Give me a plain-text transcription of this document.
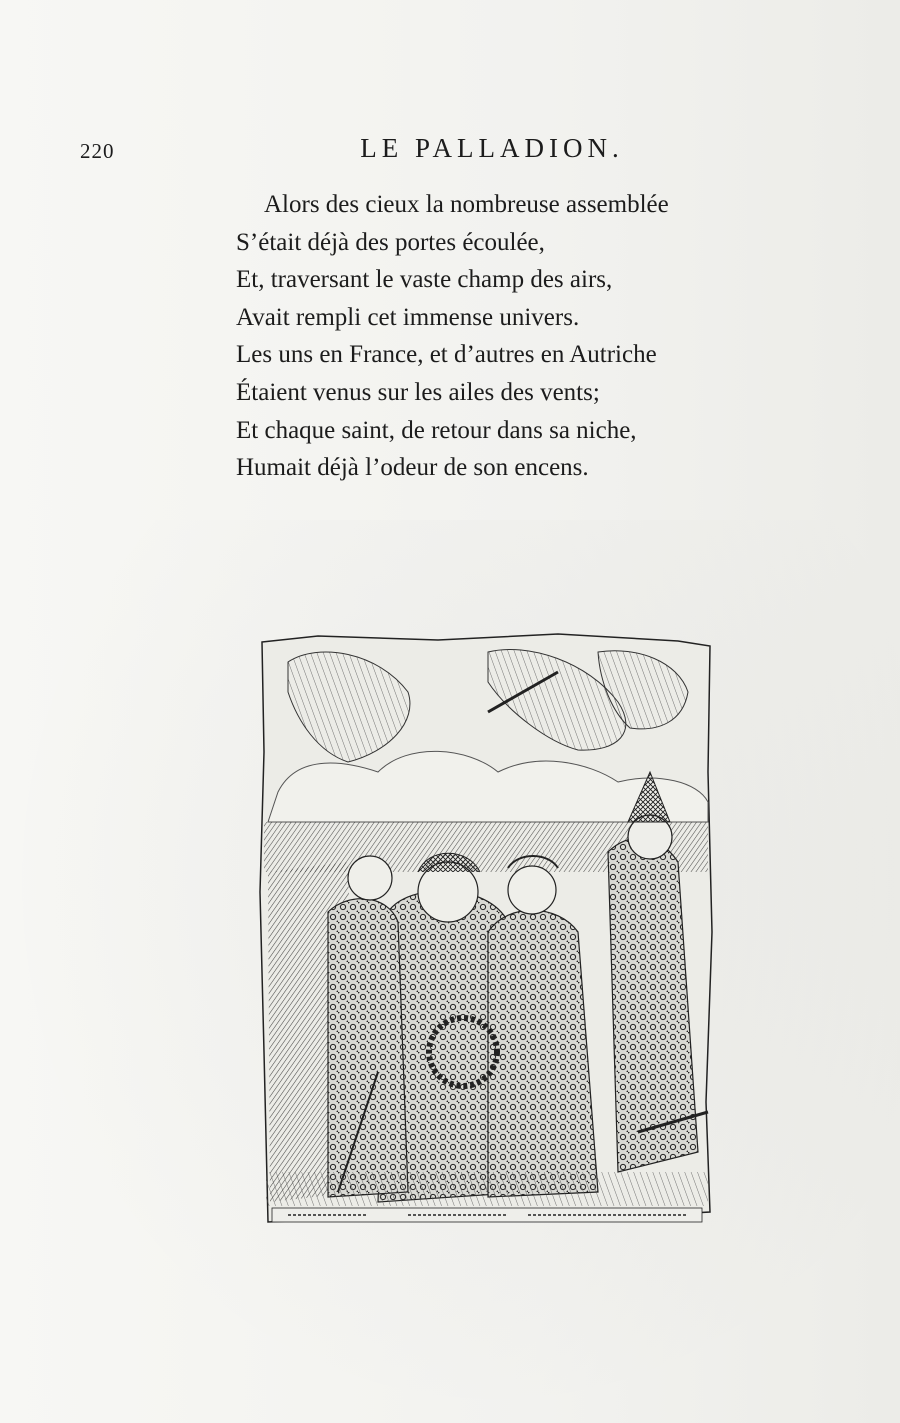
220	LE PALLADION.
Alors des cieux la nombreuse assemblée
S’était déjà des portes écoulée,
Et, traversant le vaste champ des airs,
Avait rempli cet immense univers.
Les uns en France, et d’autres en Autriche
Étaient venus sur les ailes des vents;
Et chaque saint, de retour dans sa niche,
Humait déjà l’odeur de son encens.
